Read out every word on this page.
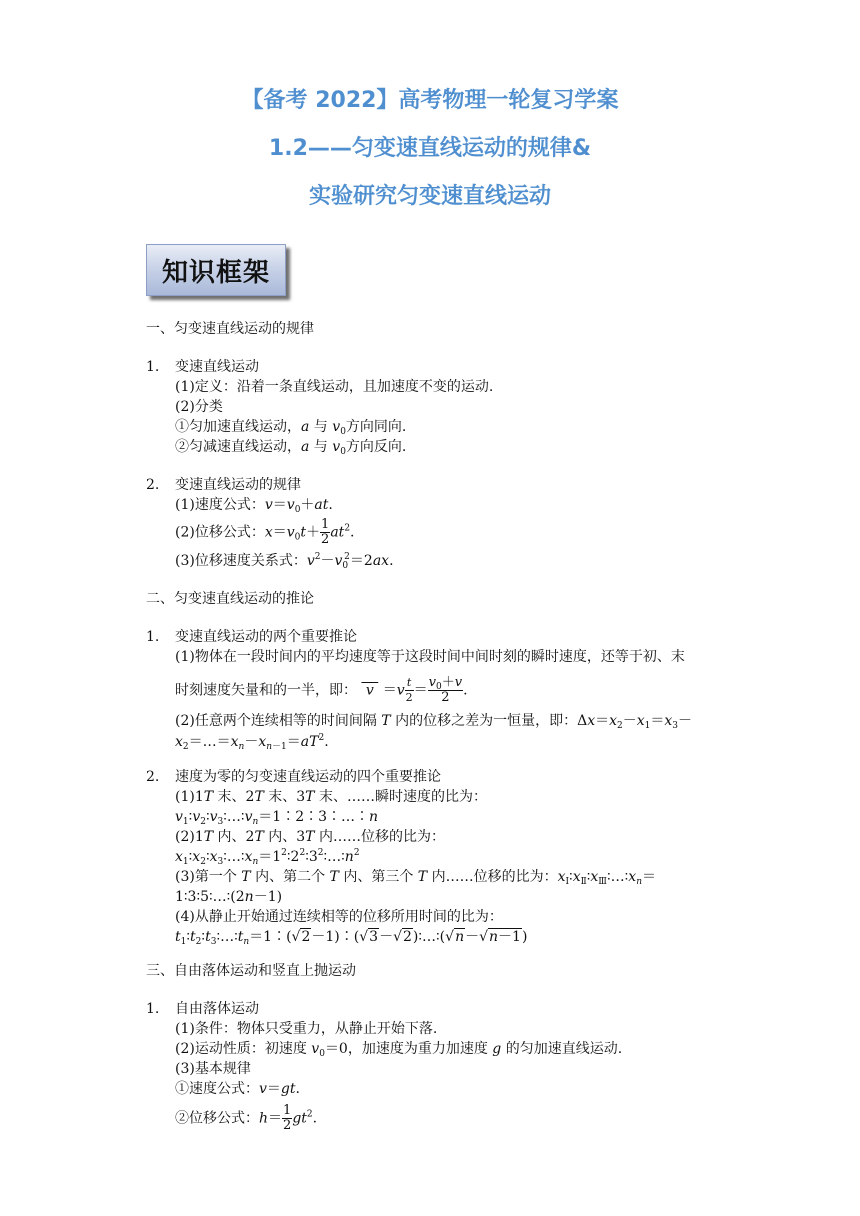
【备考 2022】高考物理一轮复习学案
1.2——匀变速直线运动的规律&
实验研究匀变速直线运动
知识框架
一、匀变速直线运动的规律
1. 变速直线运动
(1)定义：沿着一条直线运动，且加速度不变的运动.
(2)分类
①匀加速直线运动，a 与 $v_0$方向同向.
②匀减速直线运动，a 与 $v_0$方向反向.
2. 变速直线运动的规律
(1)速度公式：$v=v_0+at$.
(2)位移公式：$x=v_0t+ \frac{1}{2} at^2$.
(3)位移速度关系式：$v^2-v_0^2=2ax$.
二、匀变速直线运动的推论
1. 变速直线运动的两个重要推论
(1)物体在一段时间内的平均速度等于这段时间中间时刻的瞬时速度，还等于初、末
时刻速度矢量和的一半，即：  $v =v \frac{t}{2} = \frac{v_0+v}{2}$ .
(2)任意两个连续相等的时间间隔 T 内的位移之差为一恒量，即：$\Delta x=x_2-x_1=x_3-$
$x_2=\dots=x_n-x_{n-1}=aT^2$.
2. 速度为零的匀变速直线运动的四个重要推论
(1)1T 末、2T 末、3T 末、……瞬时速度的比为：
$v_1∶v_2∶v_3∶\dots∶v_n=1∶2∶3∶\dots∶n$
(2)1T 内、2T 内、3T 内……位移的比为：
$x_1∶x_2∶x_3∶\dots∶x_n=1^2∶2^2∶3^2∶\dots∶n^2$
(3)第一个 T 内、第二个 T 内、第三个 T 内……位移的比为：$x_Ⅰ∶x_Ⅱ∶x_Ⅲ∶\dots∶x_n=$
1∶3∶5∶…∶(2n－1)
(4)从静止开始通过连续相等的位移所用时间的比为：
$t_1∶t_2∶t_3∶\dots∶t_n=1∶(√2-1)∶(√3-√2)∶\dots∶(√n-√n-1)$
三、自由落体运动和竖直上抛运动
1. 自由落体运动
(1)条件：物体只受重力，从静止开始下落.
(2)运动性质：初速度 $v_0=0$，加速度为重力加速度 g 的匀加速直线运动.
(3)基本规律
①速度公式：v＝gt.
②位移公式：$h= \frac{1}{2} gt^2$.
